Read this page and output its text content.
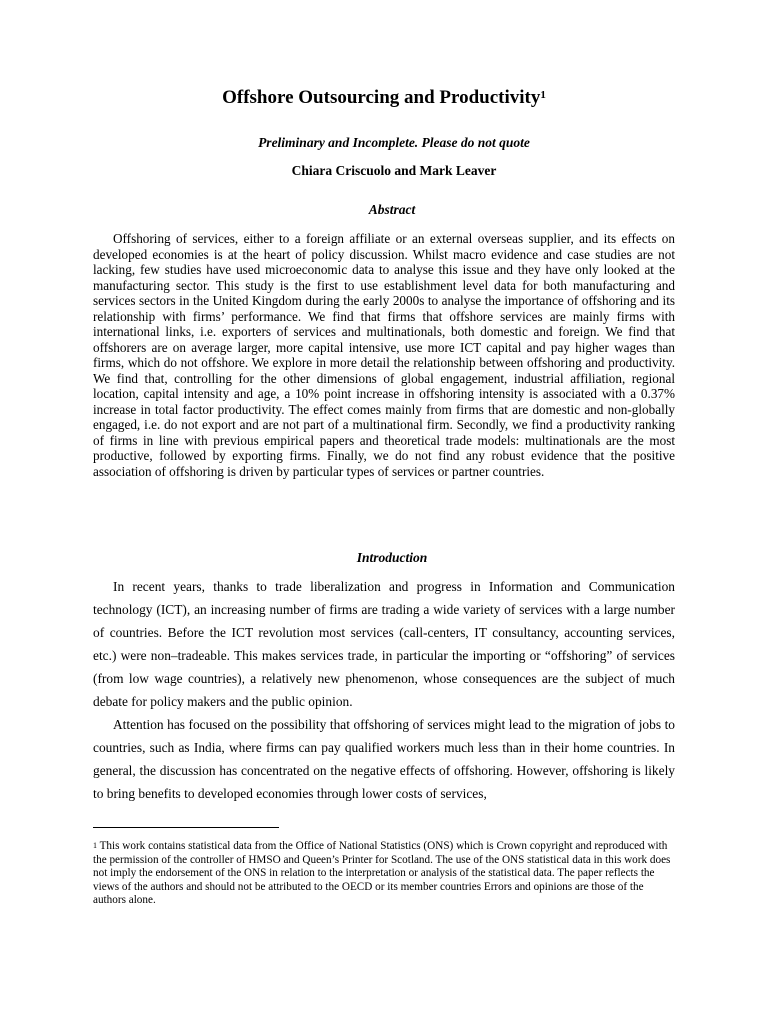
Offshore Outsourcing and Productivity$^1$
Preliminary and Incomplete. Please do not quote
Chiara Criscuolo and Mark Leaver
Abstract

Offshoring of services, either to a foreign affiliate or an external overseas supplier, and its effects on developed economies is at the heart of policy discussion. Whilst macro evidence and case studies are not lacking, few studies have used microeconomic data to analyse this issue and they have only looked at the manufacturing sector. This study is the first to use establishment level data for both manufacturing and services sectors in the United Kingdom during the early 2000s to analyse the importance of offshoring and its relationship with firms’ performance. We find that firms that offshore services are mainly firms with international links, i.e. exporters of services and multinationals, both domestic and foreign. We find that offshorers are on average larger, more capital intensive, use more ICT capital and pay higher wages than firms, which do not offshore. We explore in more detail the relationship between offshoring and productivity. We find that, controlling for the other dimensions of global engagement, industrial affiliation, regional location, capital intensity and age, a 10% point increase in offshoring intensity is associated with a 0.37% increase in total factor productivity. The effect comes mainly from firms that are domestic and non-globally engaged, i.e. do not export and are not part of a multinational firm. Secondly, we find a productivity ranking of firms in line with previous empirical papers and theoretical trade models: multinationals are the most productive, followed by exporting firms. Finally, we do not find any robust evidence that the positive association of offshoring is driven by particular types of services or partner countries.

Introduction

In recent years, thanks to trade liberalization and progress in Information and Communication technology (ICT), an increasing number of firms are trading a wide variety of services with a large number of countries. Before the ICT revolution most services (call-centers, IT consultancy, accounting services, etc.) were non–tradeable. This makes services trade, in particular the importing or “offshoring” of services (from low wage countries), a relatively new phenomenon, whose consequences are the subject of much debate for policy makers and the public opinion.

Attention has focused on the possibility that offshoring of services might lead to the migration of jobs to countries, such as India, where firms can pay qualified workers much less than in their home countries. In general, the discussion has concentrated on the negative effects of offshoring. However, offshoring is likely to bring benefits to developed economies through lower costs of services,

$^1$ This work contains statistical data from the Office of National Statistics (ONS) which is Crown copyright and reproduced with the permission of the controller of HMSO and Queen’s Printer for Scotland. The use of the ONS statistical data in this work does not imply the endorsement of the ONS in relation to the interpretation or analysis of the statistical data. The paper reflects the views of the authors and should not be attributed to the OECD or its member countries Errors and opinions are those of the authors alone.
